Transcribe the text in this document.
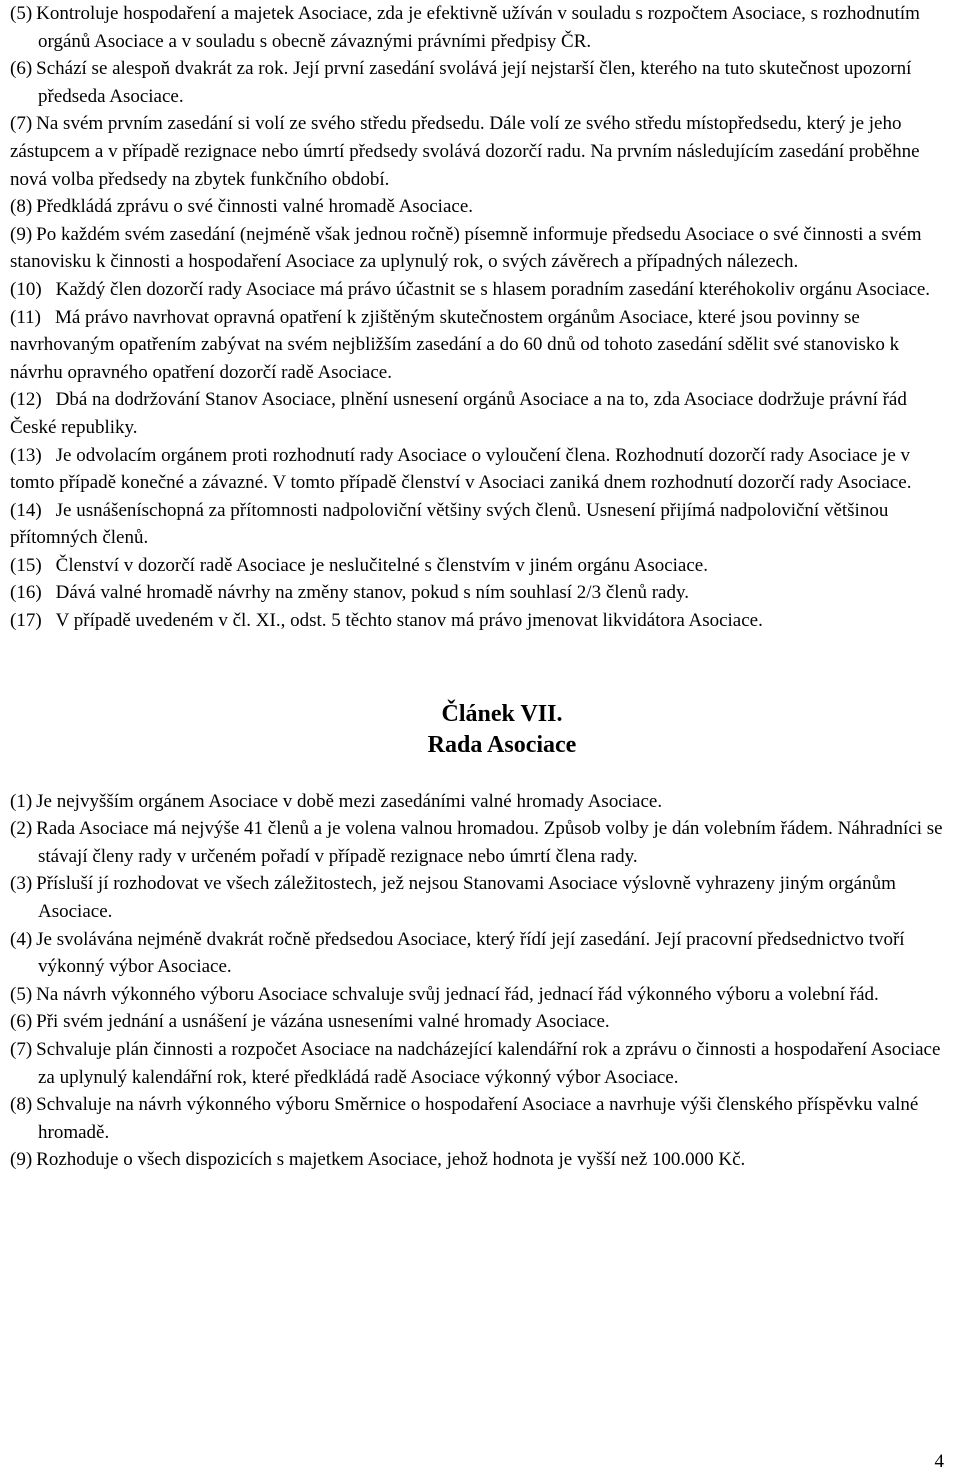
(5) Kontroluje hospodaření a majetek Asociace, zda je efektivně užíván v souladu s rozpočtem Asociace, s rozhodnutím orgánů Asociace a v souladu s obecně závaznými právními předpisy ČR.

(6) Schází se alespoň dvakrát za rok. Její první zasedání svolává její nejstarší člen, kterého na tuto skutečnost upozorní předseda Asociace.

(7) Na svém prvním zasedání si volí ze svého středu předsedu. Dále volí ze svého středu místopředsedu, který je jeho zástupcem a v případě rezignace nebo úmrtí předsedy svolává dozorčí radu. Na prvním následujícím zasedání proběhne nová volba předsedy na zbytek funkčního období.

(8) Předkládá zprávu o své činnosti valné hromadě Asociace.

(9) Po každém svém zasedání (nejméně však jednou ročně) písemně informuje předsedu Asociace o své činnosti a svém stanovisku k činnosti a hospodaření Asociace za uplynulý rok, o svých závěrech a případných nálezech.

(10) Každý člen dozorčí rady Asociace má právo účastnit se s hlasem poradním zasedání kteréhokoliv orgánu Asociace.

(11) Má právo navrhovat opravná opatření k zjištěným skutečnostem orgánům Asociace, které jsou povinny se navrhovaným opatřením zabývat na svém nejbližším zasedání a do 60 dnů od tohoto zasedání sdělit své stanovisko k návrhu opravného opatření dozorčí radě Asociace.

(12) Dbá na dodržování Stanov Asociace, plnění usnesení orgánů Asociace a na to, zda Asociace dodržuje právní řád České republiky.

(13) Je odvolacím orgánem proti rozhodnutí rady Asociace o vyloučení člena. Rozhodnutí dozorčí rady Asociace je v tomto případě konečné a závazné. V tomto případě členství v Asociaci zaniká dnem rozhodnutí dozorčí rady Asociace.

(14) Je usnášeníschopná za přítomnosti nadpoloviční většiny svých členů. Usnesení přijímá nadpoloviční většinou přítomných členů.

(15) Členství v dozorčí radě Asociace je neslučitelné s členstvím v jiném orgánu Asociace.

(16) Dává valné hromadě návrhy na změny stanov, pokud s ním souhlasí 2/3 členů rady.

(17) V případě uvedeném v čl. XI., odst. 5 těchto stanov má právo jmenovat likvidátora Asociace.

Článek VII.

Rada Asociace

(1) Je nejvyšším orgánem Asociace v době mezi zasedáními valné hromady Asociace.

(2) Rada Asociace má nejvýše 41 členů a je volena valnou hromadou. Způsob volby je dán volebním řádem. Náhradníci se stávají členy rady v určeném pořadí v případě rezignace nebo úmrtí člena rady.

(3) Přísluší jí rozhodovat ve všech záležitostech, jež nejsou Stanovami Asociace výslovně vyhrazeny jiným orgánům Asociace.

(4) Je svolávána nejméně dvakrát ročně předsedou Asociace, který řídí její zasedání. Její pracovní předsednictvo tvoří výkonný výbor Asociace.

(5) Na návrh výkonného výboru Asociace schvaluje svůj jednací řád, jednací řád výkonného výboru a volební řád.

(6) Při svém jednání a usnášení je vázána usneseními valné hromady Asociace.

(7) Schvaluje plán činnosti a rozpočet Asociace na nadcházející kalendářní rok a zprávu o činnosti a hospodaření Asociace za uplynulý kalendářní rok, které předkládá radě Asociace výkonný výbor Asociace.

(8) Schvaluje na návrh výkonného výboru Směrnice o hospodaření Asociace a navrhuje výši členského příspěvku valné hromadě.

(9) Rozhoduje o všech dispozicích s majetkem Asociace, jehož hodnota je vyšší než 100.000 Kč.

4
